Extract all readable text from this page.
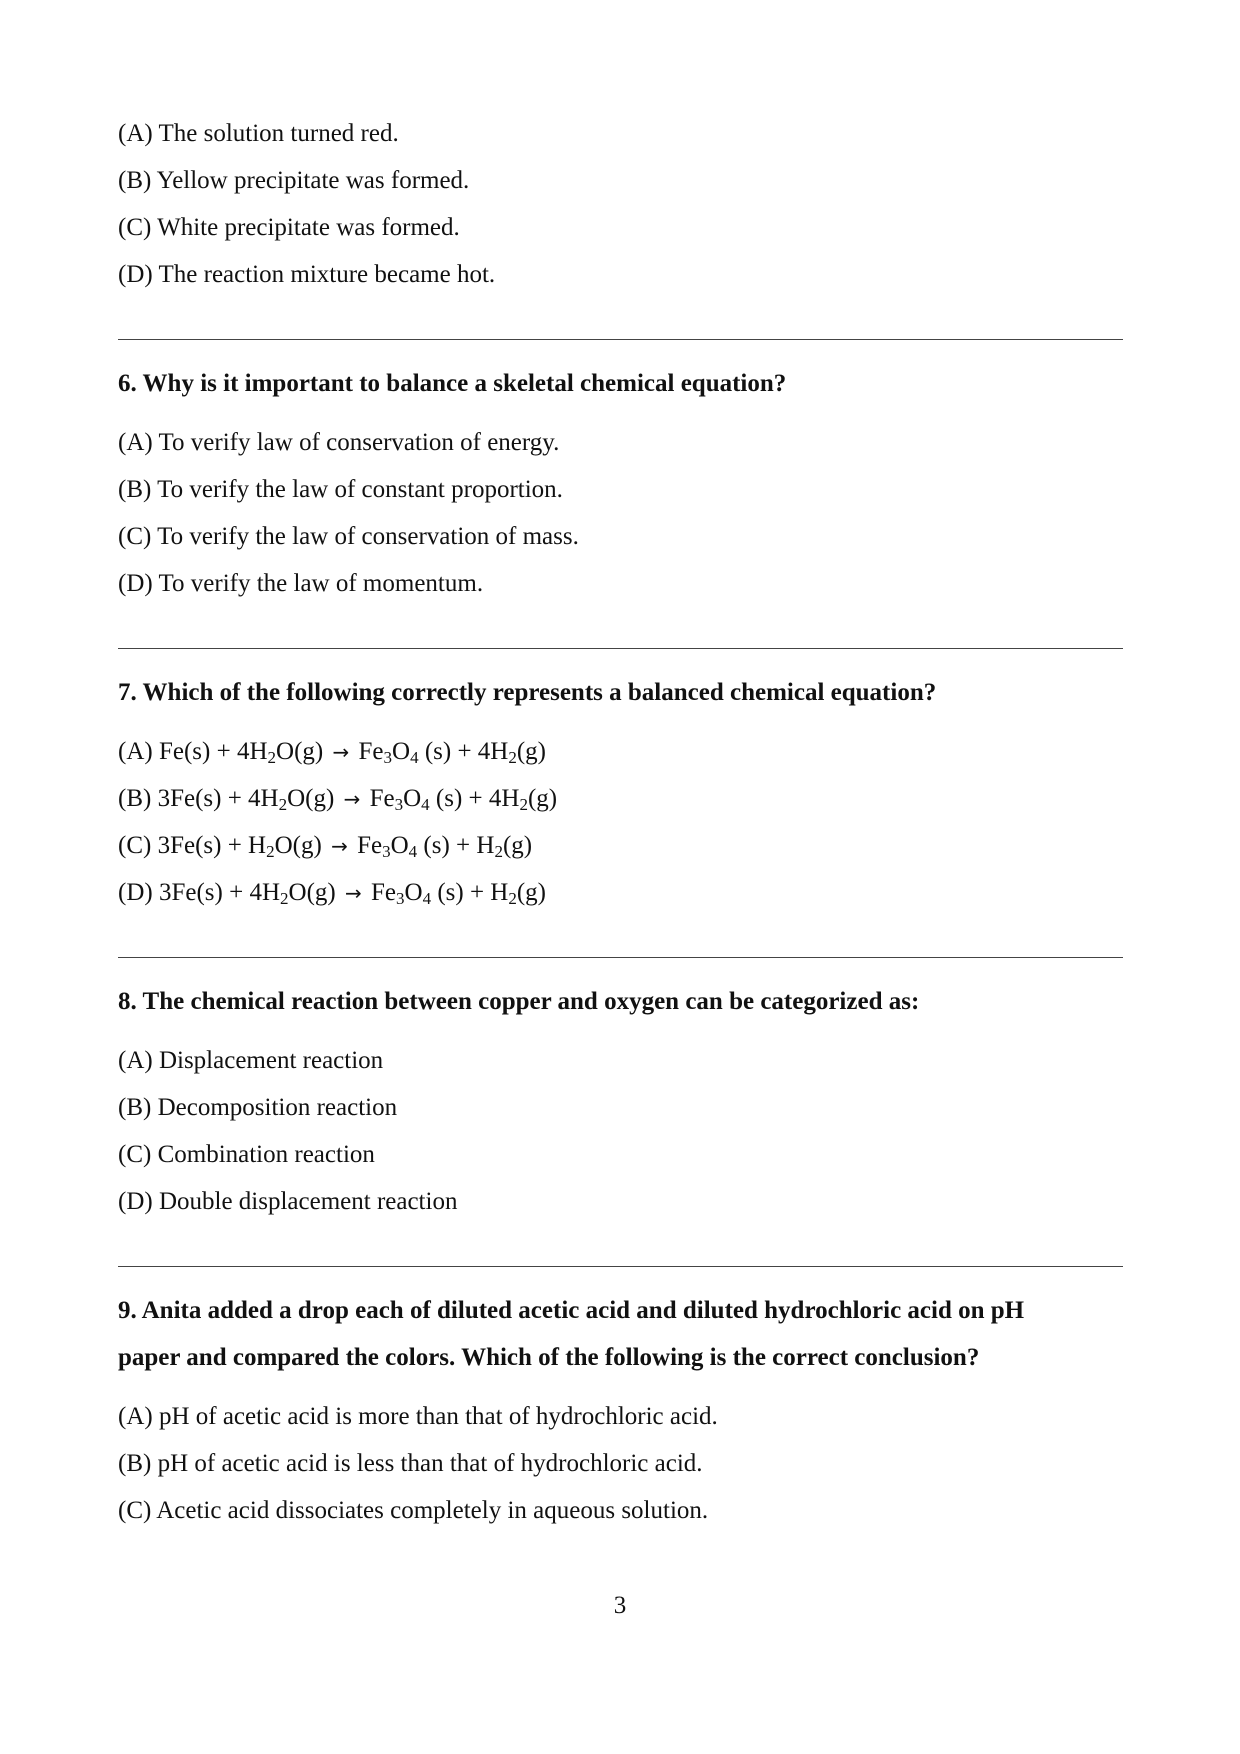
(A) The solution turned red.
(B) Yellow precipitate was formed.
(C) White precipitate was formed.
(D) The reaction mixture became hot.
6. Why is it important to balance a skeletal chemical equation?
(A) To verify law of conservation of energy.
(B) To verify the law of constant proportion.
(C) To verify the law of conservation of mass.
(D) To verify the law of momentum.
7. Which of the following correctly represents a balanced chemical equation?
(A) $Fe(s) + 4H_2O(g) \to Fe_3O_4$ $(s) + 4H_2(g)$
(B) $3Fe(s) + 4H_2O(g) \to Fe_3O_4$ $(s) + 4H_2(g)$
(C) $3Fe(s) + H_2O(g) \to Fe_3O_4$ $(s) + H_2(g)$
(D) $3Fe(s) + 4H_2O(g) \to Fe_3O_4$ $(s) + H_2(g)$
8. The chemical reaction between copper and oxygen can be categorized as:
(A) Displacement reaction
(B) Decomposition reaction
(C) Combination reaction
(D) Double displacement reaction
9. Anita added a drop each of diluted acetic acid and diluted hydrochloric acid on pH
paper and compared the colors. Which of the following is the correct conclusion?
(A) pH of acetic acid is more than that of hydrochloric acid.
(B) pH of acetic acid is less than that of hydrochloric acid.
(C) Acetic acid dissociates completely in aqueous solution.
3
